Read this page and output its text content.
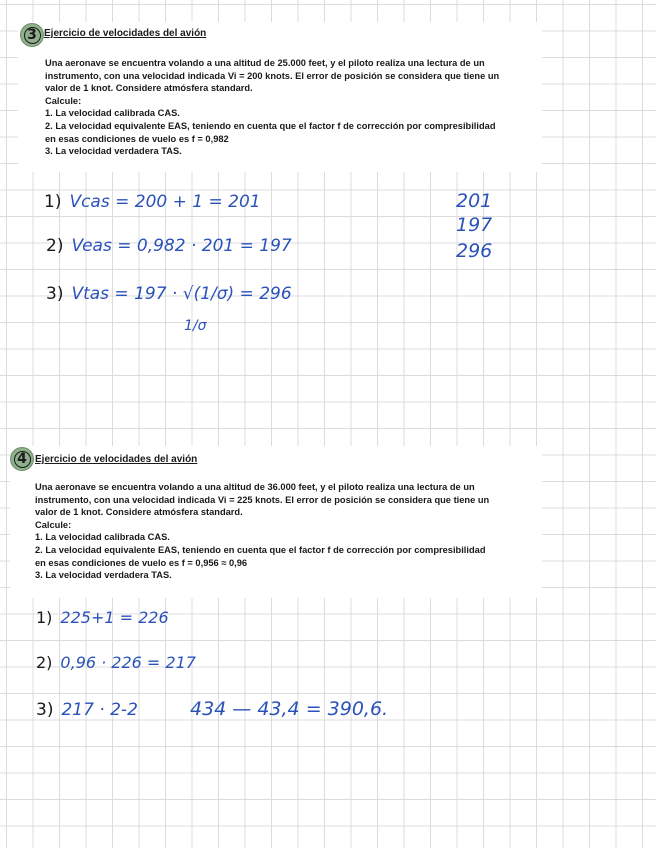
3 Ejercicio de velocidades del avión
Una aeronave se encuentra volando a una altitud de 25.000 feet, y el piloto realiza una lectura de un
instrumento, con una velocidad indicada Vi = 200 knots. El error de posición se considera que tiene un
valor de 1 knot. Considere atmósfera standard.
Calcule:
1. La velocidad calibrada CAS.
2. La velocidad equivalente EAS, teniendo en cuenta que el factor f de corrección por compresibilidad
en esas condiciones de vuelo es f = 0,982
3. La velocidad verdadera TAS.
1) Vcas = 200 + 1 = 201
2) Veas = 0,982 · 201 = 197
3) Vtas = 197 · √(1/σ) = 296
1/σ
201
197
296
4 Ejercicio de velocidades del avión
Una aeronave se encuentra volando a una altitud de 36.000 feet, y el piloto realiza una lectura de un
instrumento, con una velocidad indicada Vi = 225 knots. El error de posición se considera que tiene un
valor de 1 knot. Considere atmósfera standard.
Calcule:
1. La velocidad calibrada CAS.
2. La velocidad equivalente EAS, teniendo en cuenta que el factor f de corrección por compresibilidad
en esas condiciones de vuelo es f = 0,956 ≈ 0,96
3. La velocidad verdadera TAS.
1) 225+1 = 226
2) 0,96 · 226 = 217
3) 217 · 2-2	434 — 43,4 = 390,6.
